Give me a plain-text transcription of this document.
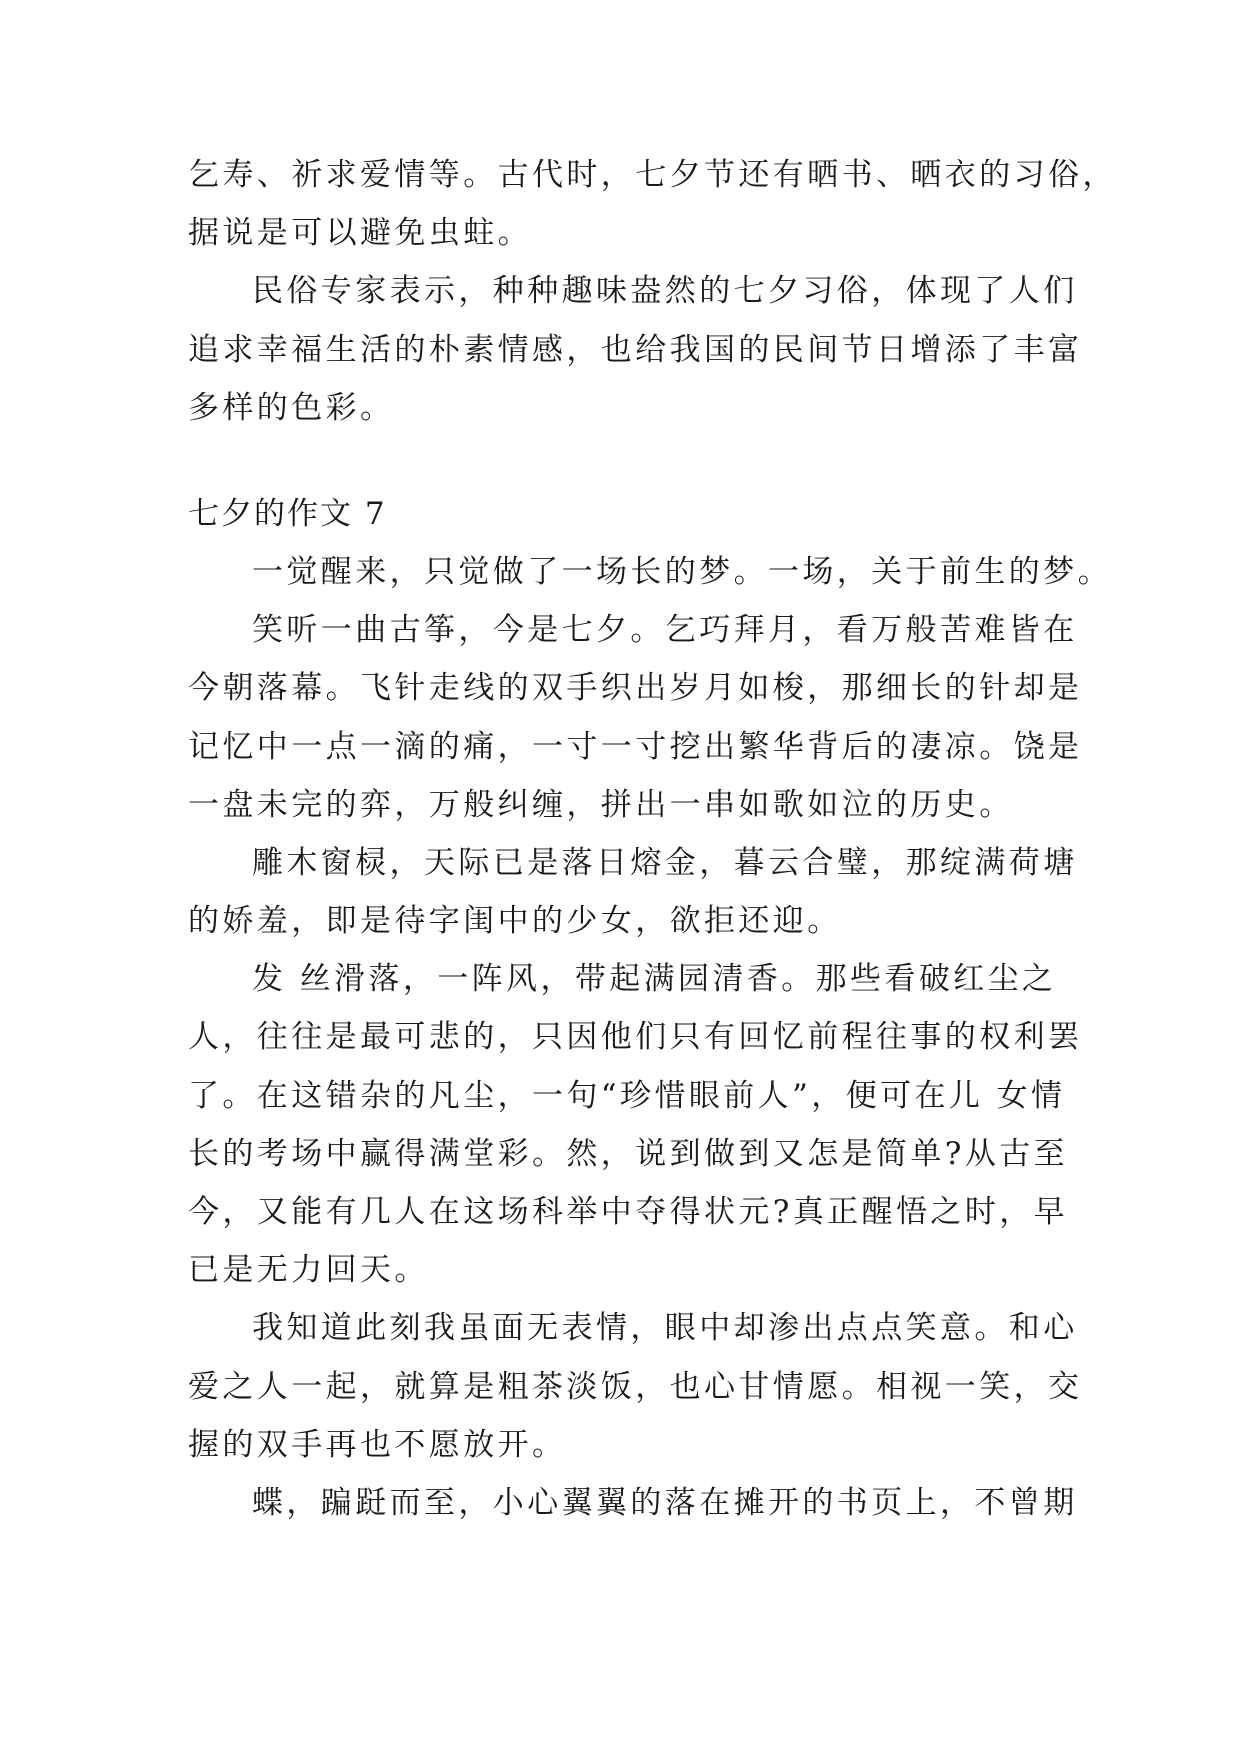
乞寿、祈求爱情等。古代时，七夕节还有晒书、晒衣的习俗，
据说是可以避免虫蛀。
民俗专家表示，种种趣味盎然的七夕习俗，体现了人们
追求幸福生活的朴素情感，也给我国的民间节日增添了丰富
多样的色彩。
七夕的作文 7
一觉醒来，只觉做了一场长的梦。一场，关于前生的梦。
笑听一曲古筝，今是七夕。乞巧拜月，看万般苦难皆在
今朝落幕。飞针走线的双手织出岁月如梭，那细长的针却是
记忆中一点一滴的痛，一寸一寸挖出繁华背后的凄凉。饶是
一盘未完的弈，万般纠缠，拼出一串如歌如泣的历史。
雕木窗棂，天际已是落日熔金，暮云合璧，那绽满荷塘
的娇羞，即是待字闺中的少女，欲拒还迎。
发 丝滑落，一阵风，带起满园清香。那些看破红尘之
人，往往是最可悲的，只因他们只有回忆前程往事的权利罢
了。在这错杂的凡尘，一句“珍惜眼前人”，便可在儿 女情
长的考场中赢得满堂彩。然，说到做到又怎是简单?从古至
今，又能有几人在这场科举中夺得状元?真正醒悟之时，早
已是无力回天。
我知道此刻我虽面无表情，眼中却渗出点点笑意。和心
爱之人一起，就算是粗茶淡饭，也心甘情愿。相视一笑，交
握的双手再也不愿放开。
蝶，蹁跹而至，小心翼翼的落在摊开的书页上，不曾期
